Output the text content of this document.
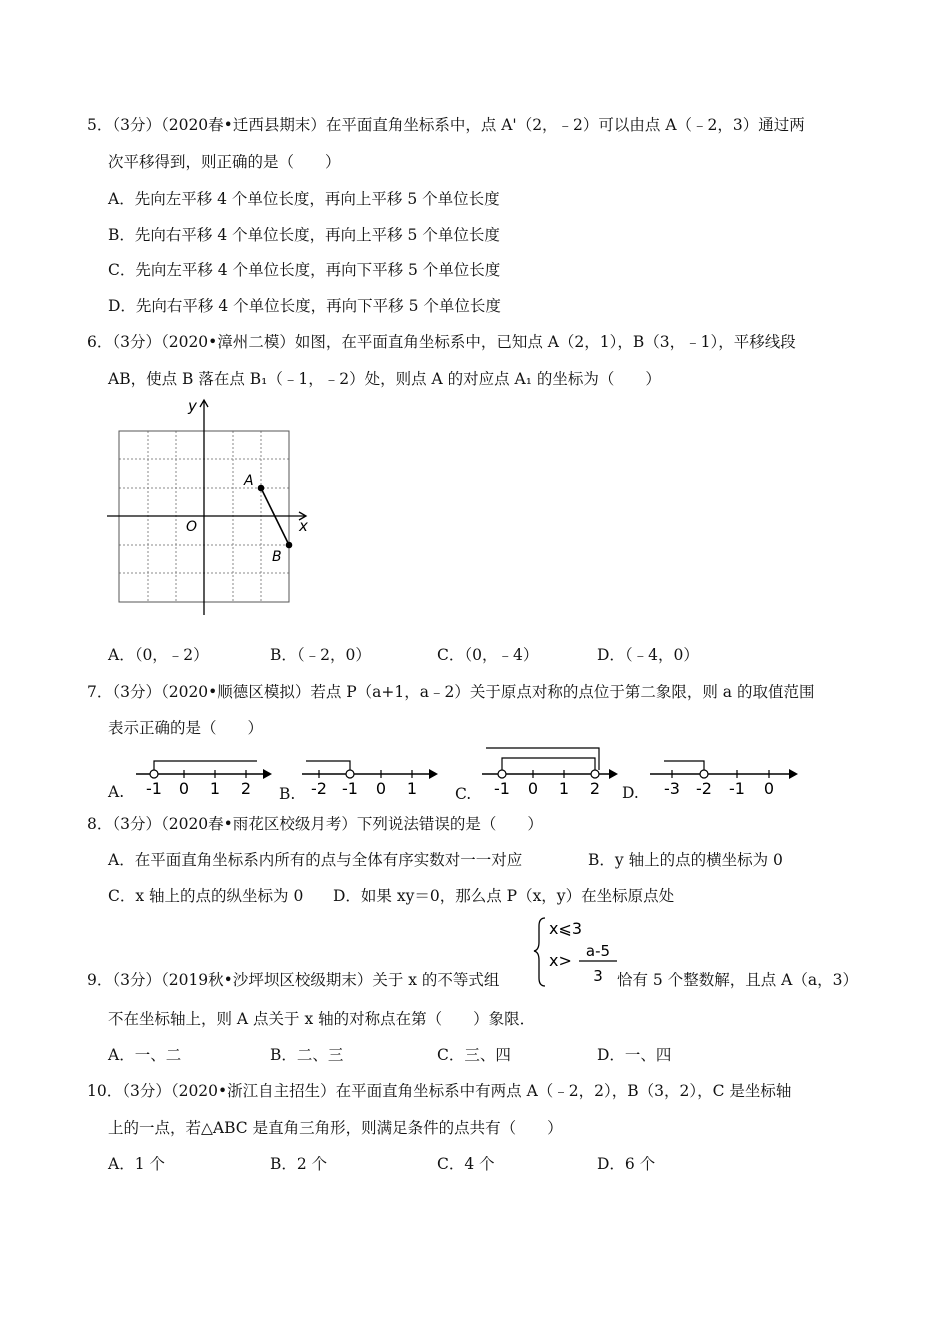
5．（3分）（2020春•迁西县期末）在平面直角坐标系中，点 A'（2，﹣2）可以由点 A（﹣2，3）通过两
次平移得到，则正确的是（　　）
A．先向左平移 4 个单位长度，再向上平移 5 个单位长度
B．先向右平移 4 个单位长度，再向上平移 5 个单位长度
C．先向左平移 4 个单位长度，再向下平移 5 个单位长度
D．先向右平移 4 个单位长度，再向下平移 5 个单位长度
6．（3分）（2020•漳州二模）如图，在平面直角坐标系中，已知点 A（2，1），B（3，﹣1），平移线段
AB，使点 B 落在点 B₁（﹣1，﹣2）处，则点 A 的对应点 A₁ 的坐标为（　　）
y
x
O
A
B
A．（0，﹣2）	B．（﹣2，0）	C．（0，﹣4）	D．（﹣4，0）
7．（3分）（2020•顺德区模拟）若点 P（a+1，a﹣2）关于原点对称的点位于第二象限，则 a 的取值范围
表示正确的是（　　）
A. -1 0 1 2 B. -2 -1 0 1 C. -1 0 1 2 D. -3 -2 -1 0
8．（3分）（2020春•雨花区校级月考）下列说法错误的是（　　）
A．在平面直角坐标系内所有的点与全体有序实数对一一对应	B．y 轴上的点的横坐标为 0
C．x 轴上的点的纵坐标为 0 D．如果 xy＝0，那么点 P（x，y）在坐标原点处
9．（3分）（2019秋•沙坪坝区校级期末）关于 x 的不等式组
x⩽3
x> a-5
3 恰有 5 个整数解，且点 A（a，3）
不在坐标轴上，则 A 点关于 x 轴的对称点在第（　　）象限．
A．一、二	B．二、三	C．三、四	D．一、四
10．（3分）（2020•浙江自主招生）在平面直角坐标系中有两点 A（﹣2，2），B（3，2），C 是坐标轴
上的一点，若△ABC 是直角三角形，则满足条件的点共有（　　）
A．1 个	B．2 个	C．4 个	D．6 个
